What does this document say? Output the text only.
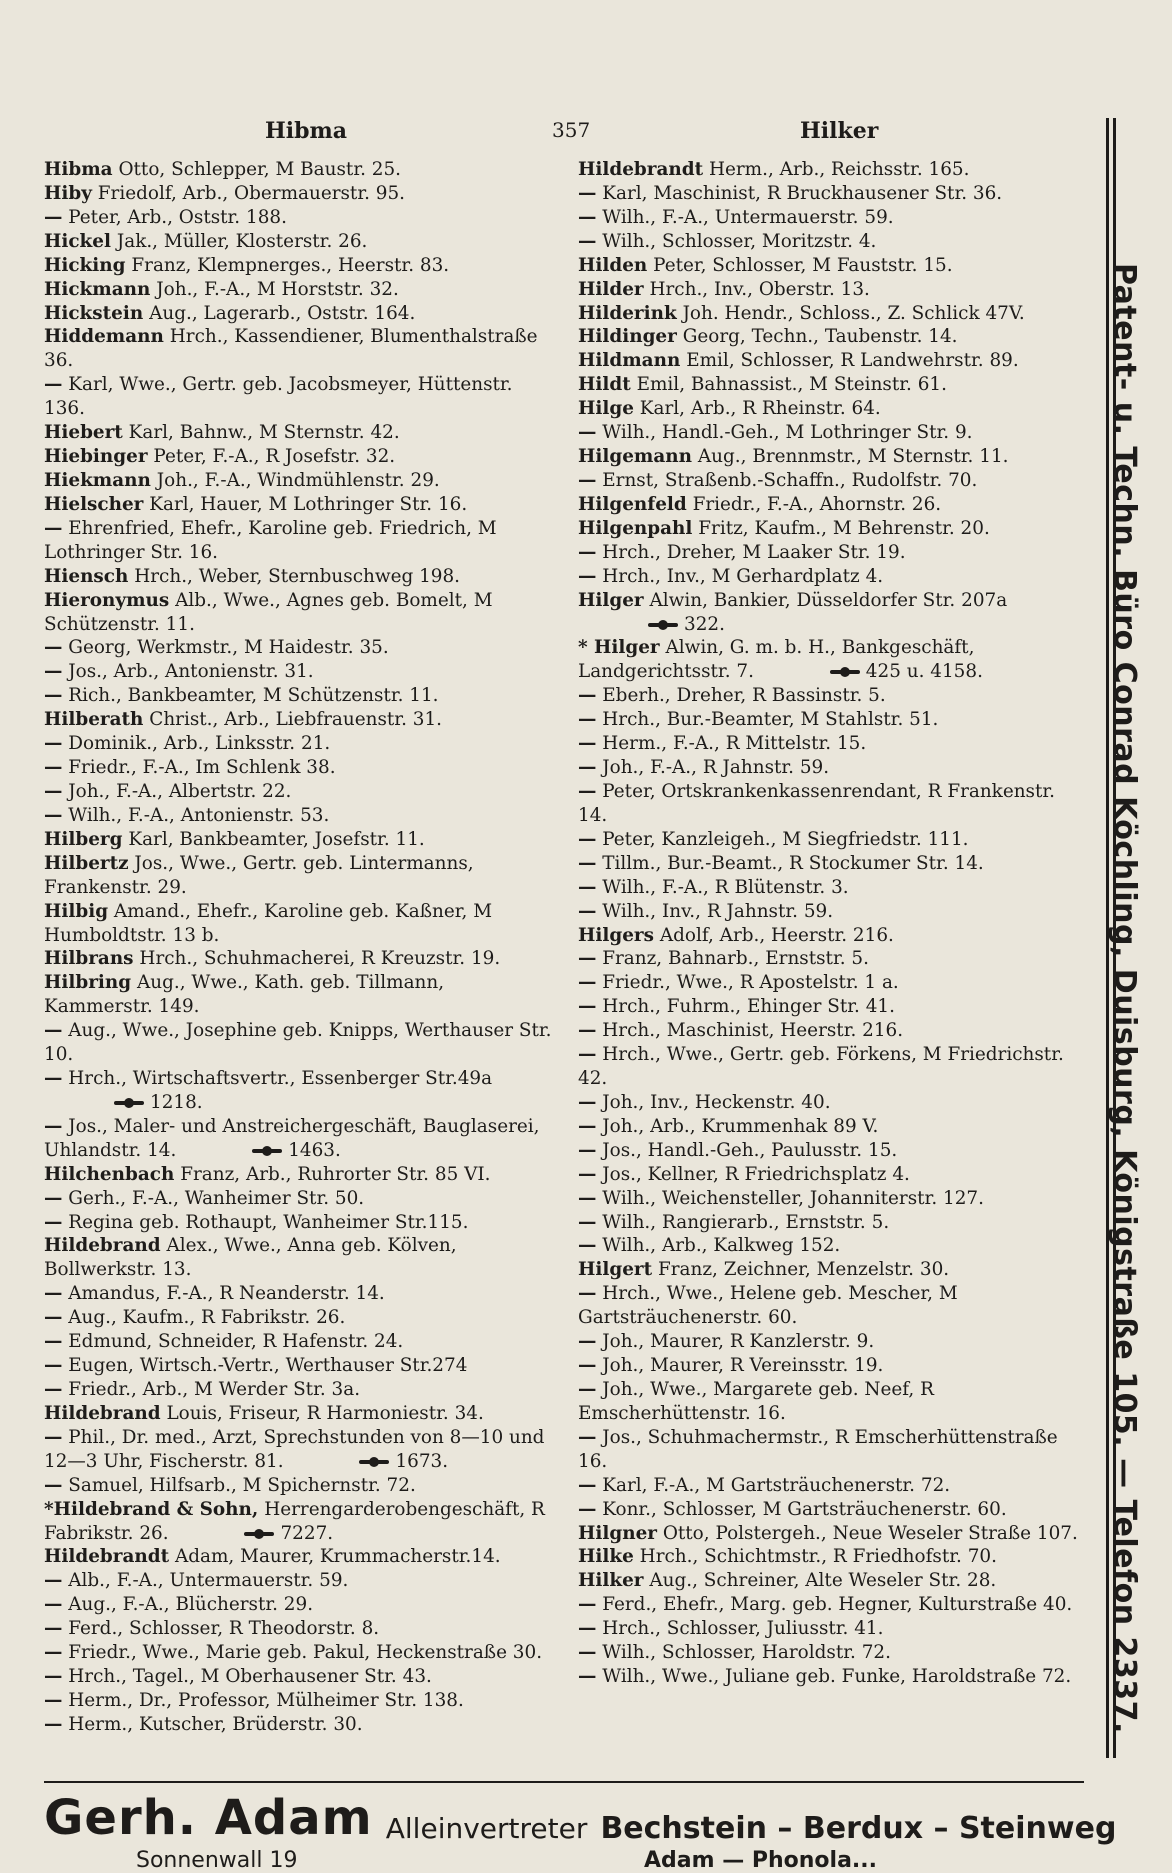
Hibma	357	Hilker
Hibma Otto, Schlepper, M Baustr. 25.
Hiby Friedolf, Arb., Obermauerstr. 95.
— Peter, Arb., Oststr. 188.
Hickel Jak., Müller, Klosterstr. 26.
Hicking Franz, Klempnerges., Heerstr. 83.
Hickmann Joh., F.-A., M Horststr. 32.
Hickstein Aug., Lagerarb., Oststr. 164.
Hiddemann Hrch., Kassendiener, Blumenthalstraße 36.
— Karl, Wwe., Gertr. geb. Jacobsmeyer, Hüttenstr. 136.
Hiebert Karl, Bahnw., M Sternstr. 42.
Hiebinger Peter, F.-A., R Josefstr. 32.
Hiekmann Joh., F.-A., Windmühlenstr. 29.
Hielscher Karl, Hauer, M Lothringer Str. 16.
— Ehrenfried, Ehefr., Karoline geb. Friedrich, M Lothringer Str. 16.
Hiensch Hrch., Weber, Sternbuschweg 198.
Hieronymus Alb., Wwe., Agnes geb. Bomelt, M Schützenstr. 11.
— Georg, Werkmstr., M Haidestr. 35.
— Jos., Arb., Antonienstr. 31.
— Rich., Bankbeamter, M Schützenstr. 11.
Hilberath Christ., Arb., Liebfrauenstr. 31.
— Dominik., Arb., Linksstr. 21.
— Friedr., F.-A., Im Schlenk 38.
— Joh., F.-A., Albertstr. 22.
— Wilh., F.-A., Antonienstr. 53.
Hilberg Karl, Bankbeamter, Josefstr. 11.
Hilbertz Jos., Wwe., Gertr. geb. Lintermanns, Frankenstr. 29.
Hilbig Amand., Ehefr., Karoline geb. Kaßner, M Humboldtstr. 13 b.
Hilbrans Hrch., Schuhmacherei, R Kreuzstr. 19.
Hilbring Aug., Wwe., Kath. geb. Tillmann, Kammerstr. 149.
— Aug., Wwe., Josephine geb. Knipps, Werthauser Str. 10.
— Hrch., Wirtschaftsvertr., Essenberger Str.49a 1218.
— Jos., Maler- und Anstreichergeschäft, Bauglaserei, Uhlandstr. 14.	1463.
Hilchenbach Franz, Arb., Ruhrorter Str. 85 VI.
— Gerh., F.-A., Wanheimer Str. 50.
— Regina geb. Rothaupt, Wanheimer Str.115.
Hildebrand Alex., Wwe., Anna geb. Kölven, Bollwerkstr. 13.
— Amandus, F.-A., R Neanderstr. 14.
— Aug., Kaufm., R Fabrikstr. 26.
— Edmund, Schneider, R Hafenstr. 24.
— Eugen, Wirtsch.-Vertr., Werthauser Str.274
— Friedr., Arb., M Werder Str. 3a.
Hildebrand Louis, Friseur, R Harmoniestr. 34.
— Phil., Dr. med., Arzt, Sprechstunden von 8—10 und 12—3 Uhr, Fischerstr. 81.	1673.
— Samuel, Hilfsarb., M Spichernstr. 72.
*Hildebrand & Sohn, Herrengarderobengeschäft, R Fabrikstr. 26.	7227.
Hildebrandt Adam, Maurer, Krummacherstr.14.
— Alb., F.-A., Untermauerstr. 59.
— Aug., F.-A., Blücherstr. 29.
— Ferd., Schlosser, R Theodorstr. 8.
— Friedr., Wwe., Marie geb. Pakul, Heckenstraße 30.
— Hrch., Tagel., M Oberhausener Str. 43.
— Herm., Dr., Professor, Mülheimer Str. 138.
— Herm., Kutscher, Brüderstr. 30.
Hildebrandt Herm., Arb., Reichsstr. 165.
— Karl, Maschinist, R Bruckhausener Str. 36.
— Wilh., F.-A., Untermauerstr. 59.
— Wilh., Schlosser, Moritzstr. 4.
Hilden Peter, Schlosser, M Fauststr. 15.
Hilder Hrch., Inv., Oberstr. 13.
Hilderink Joh. Hendr., Schloss., Z. Schlick 47V.
Hildinger Georg, Techn., Taubenstr. 14.
Hildmann Emil, Schlosser, R Landwehrstr. 89.
Hildt Emil, Bahnassist., M Steinstr. 61.
Hilge Karl, Arb., R Rheinstr. 64.
— Wilh., Handl.-Geh., M Lothringer Str. 9.
Hilgemann Aug., Brennmstr., M Sternstr. 11.
— Ernst, Straßenb.-Schaffn., Rudolfstr. 70.
Hilgenfeld Friedr., F.-A., Ahornstr. 26.
Hilgenpahl Fritz, Kaufm., M Behrenstr. 20.
— Hrch., Dreher, M Laaker Str. 19.
— Hrch., Inv., M Gerhardplatz 4.
Hilger Alwin, Bankier, Düsseldorfer Str. 207a 322.
* Hilger Alwin, G. m. b. H., Bankgeschäft, Landgerichtsstr. 7.	425 u. 4158.
— Eberh., Dreher, R Bassinstr. 5.
— Hrch., Bur.-Beamter, M Stahlstr. 51.
— Herm., F.-A., R Mittelstr. 15.
— Joh., F.-A., R Jahnstr. 59.
— Peter, Ortskrankenkassenrendant, R Frankenstr. 14.
— Peter, Kanzleigeh., M Siegfriedstr. 111.
— Tillm., Bur.-Beamt., R Stockumer Str. 14.
— Wilh., F.-A., R Blütenstr. 3.
— Wilh., Inv., R Jahnstr. 59.
Hilgers Adolf, Arb., Heerstr. 216.
— Franz, Bahnarb., Ernststr. 5.
— Friedr., Wwe., R Apostelstr. 1 a.
— Hrch., Fuhrm., Ehinger Str. 41.
— Hrch., Maschinist, Heerstr. 216.
— Hrch., Wwe., Gertr. geb. Förkens, M Friedrichstr. 42.
— Joh., Inv., Heckenstr. 40.
— Joh., Arb., Krummenhak 89 V.
— Jos., Handl.-Geh., Paulusstr. 15.
— Jos., Kellner, R Friedrichsplatz 4.
— Wilh., Weichensteller, Johanniterstr. 127.
— Wilh., Rangierarb., Ernststr. 5.
— Wilh., Arb., Kalkweg 152.
Hilgert Franz, Zeichner, Menzelstr. 30.
— Hrch., Wwe., Helene geb. Mescher, M Gartsträuchenerstr. 60.
— Joh., Maurer, R Kanzlerstr. 9.
— Joh., Maurer, R Vereinsstr. 19.
— Joh., Wwe., Margarete geb. Neef, R Emscherhüttenstr. 16.
— Jos., Schuhmachermstr., R Emscherhüttenstraße 16.
— Karl, F.-A., M Gartsträuchenerstr. 72.
— Konr., Schlosser, M Gartsträuchenerstr. 60.
Hilgner Otto, Polstergeh., Neue Weseler Straße 107.
Hilke Hrch., Schichtmstr., R Friedhofstr. 70.
Hilker Aug., Schreiner, Alte Weseler Str. 28.
— Ferd., Ehefr., Marg. geb. Hegner, Kulturstraße 40.
— Hrch., Schlosser, Juliusstr. 41.
— Wilh., Schlosser, Haroldstr. 72.
— Wilh., Wwe., Juliane geb. Funke, Haroldstraße 72.	Patent- u. Techn. Büro Conrad Köchling, Duisburg, Königstraße 105. — Telefon 2337.
Gerh. Adam Alleinvertreter Bechstein – Berdux – Steinweg
Sonnenwall 19	Adam — Phonola...
